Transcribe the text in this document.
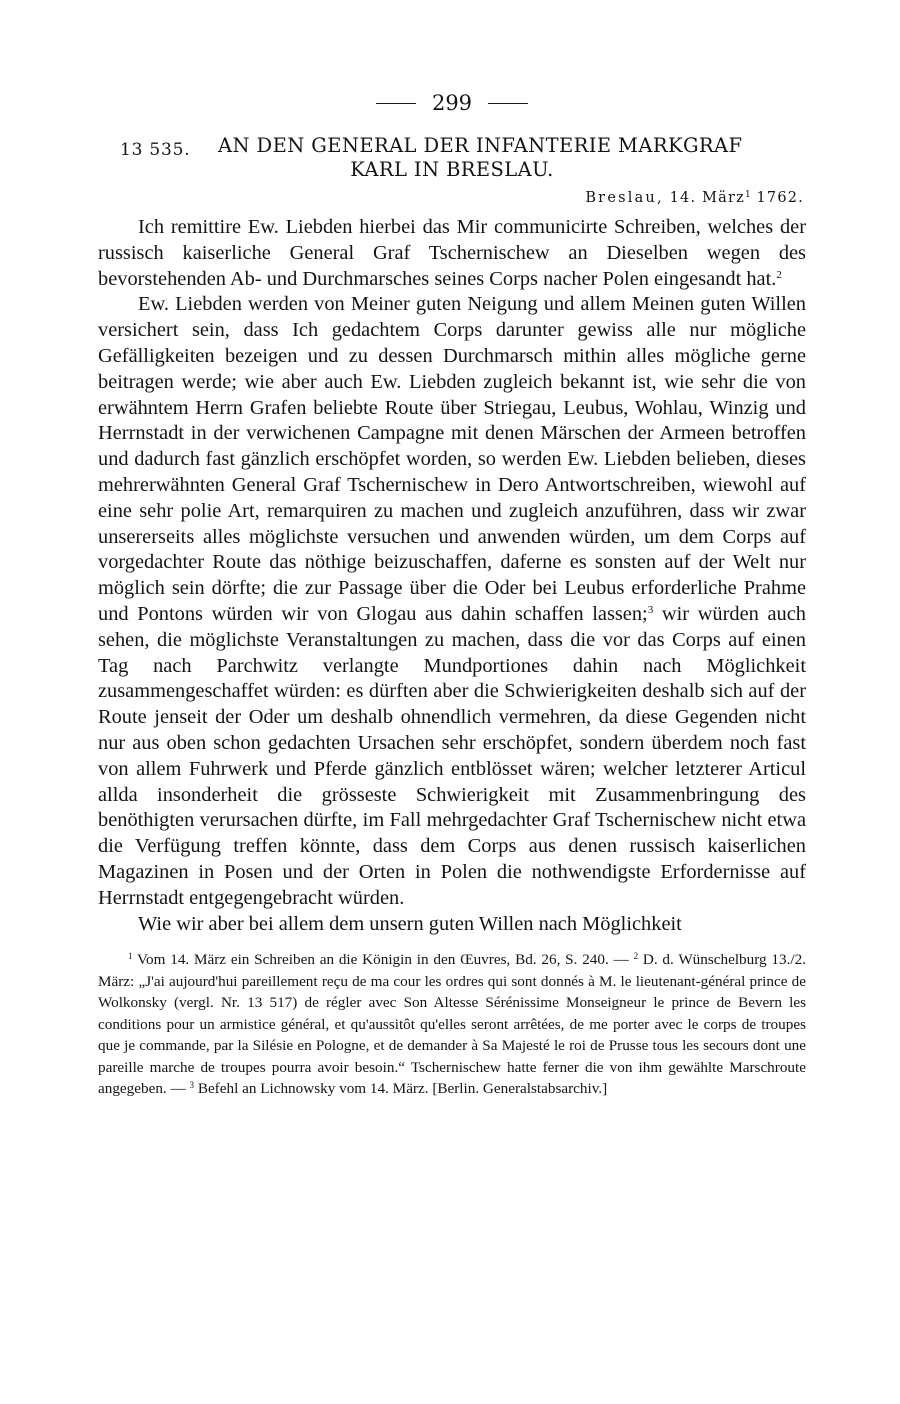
299
13 535.	AN DEN GENERAL DER INFANTERIE MARKGRAF
KARL IN BRESLAU.
Breslau, 14. März$^1$ 1762.

Ich remittire Ew. Liebden hierbei das Mir communicirte Schreiben, welches der russisch kaiserliche General Graf Tschernischew an Dieselben wegen des bevorstehenden Ab- und Durchmarsches seines Corps nacher Polen eingesandt hat.$^2$

Ew. Liebden werden von Meiner guten Neigung und allem Meinen guten Willen versichert sein, dass Ich gedachtem Corps darunter gewiss alle nur mögliche Gefälligkeiten bezeigen und zu dessen Durchmarsch mithin alles mögliche gerne beitragen werde; wie aber auch Ew. Liebden zugleich bekannt ist, wie sehr die von erwähntem Herrn Grafen beliebte Route über Striegau, Leubus, Wohlau, Winzig und Herrnstadt in der verwichenen Campagne mit denen Märschen der Armeen betroffen und dadurch fast gänzlich erschöpfet worden, so werden Ew. Liebden belieben, dieses mehrerwähnten General Graf Tschernischew in Dero Antwortschreiben, wiewohl auf eine sehr polie Art, remarquiren zu machen und zugleich anzuführen, dass wir zwar unsererseits alles möglichste versuchen und anwenden würden, um dem Corps auf vorgedachter Route das nöthige beizuschaffen, daferne es sonsten auf der Welt nur möglich sein dörfte; die zur Passage über die Oder bei Leubus erforderliche Prahme und Pontons würden wir von Glogau aus dahin schaffen lassen;$^3$ wir würden auch sehen, die möglichste Veranstaltungen zu machen, dass die vor das Corps auf einen Tag nach Parchwitz verlangte Mundportiones dahin nach Möglichkeit zusammengeschaffet würden: es dürften aber die Schwierigkeiten deshalb sich auf der Route jenseit der Oder um deshalb ohnendlich vermehren, da diese Gegenden nicht nur aus oben schon gedachten Ursachen sehr erschöpfet, sondern überdem noch fast von allem Fuhrwerk und Pferde gänzlich entblösset wären; welcher letzterer Articul allda insonderheit die grösseste Schwierigkeit mit Zusammenbringung des benöthigten verursachen dürfte, im Fall mehrgedachter Graf Tschernischew nicht etwa die Verfügung treffen könnte, dass dem Corps aus denen russisch kaiserlichen Magazinen in Posen und der Orten in Polen die nothwendigste Erfordernisse auf Herrnstadt entgegengebracht würden.

Wie wir aber bei allem dem unsern guten Willen nach Möglichkeit

$^1$ Vom 14. März ein Schreiben an die Königin in den Œuvres, Bd. 26, S. 240. — $^2$ D. d. Wünschelburg 13./2. März: „J'ai aujourd'hui pareillement reçu de ma cour les ordres qui sont donnés à M. le lieutenant-général prince de Wolkonsky (vergl. Nr. 13 517) de régler avec Son Altesse Sérénissime Monseigneur le prince de Bevern les conditions pour un armistice général, et qu'aussitôt qu'elles seront arrêtées, de me porter avec le corps de troupes que je commande, par la Silésie en Pologne, et de demander à Sa Majesté le roi de Prusse tous les secours dont une pareille marche de troupes pourra avoir besoin.“ Tschernischew hatte ferner die von ihm gewählte Marschroute angegeben. — $^3$ Befehl an Lichnowsky vom 14. März. [Berlin. Generalstabsarchiv.]
